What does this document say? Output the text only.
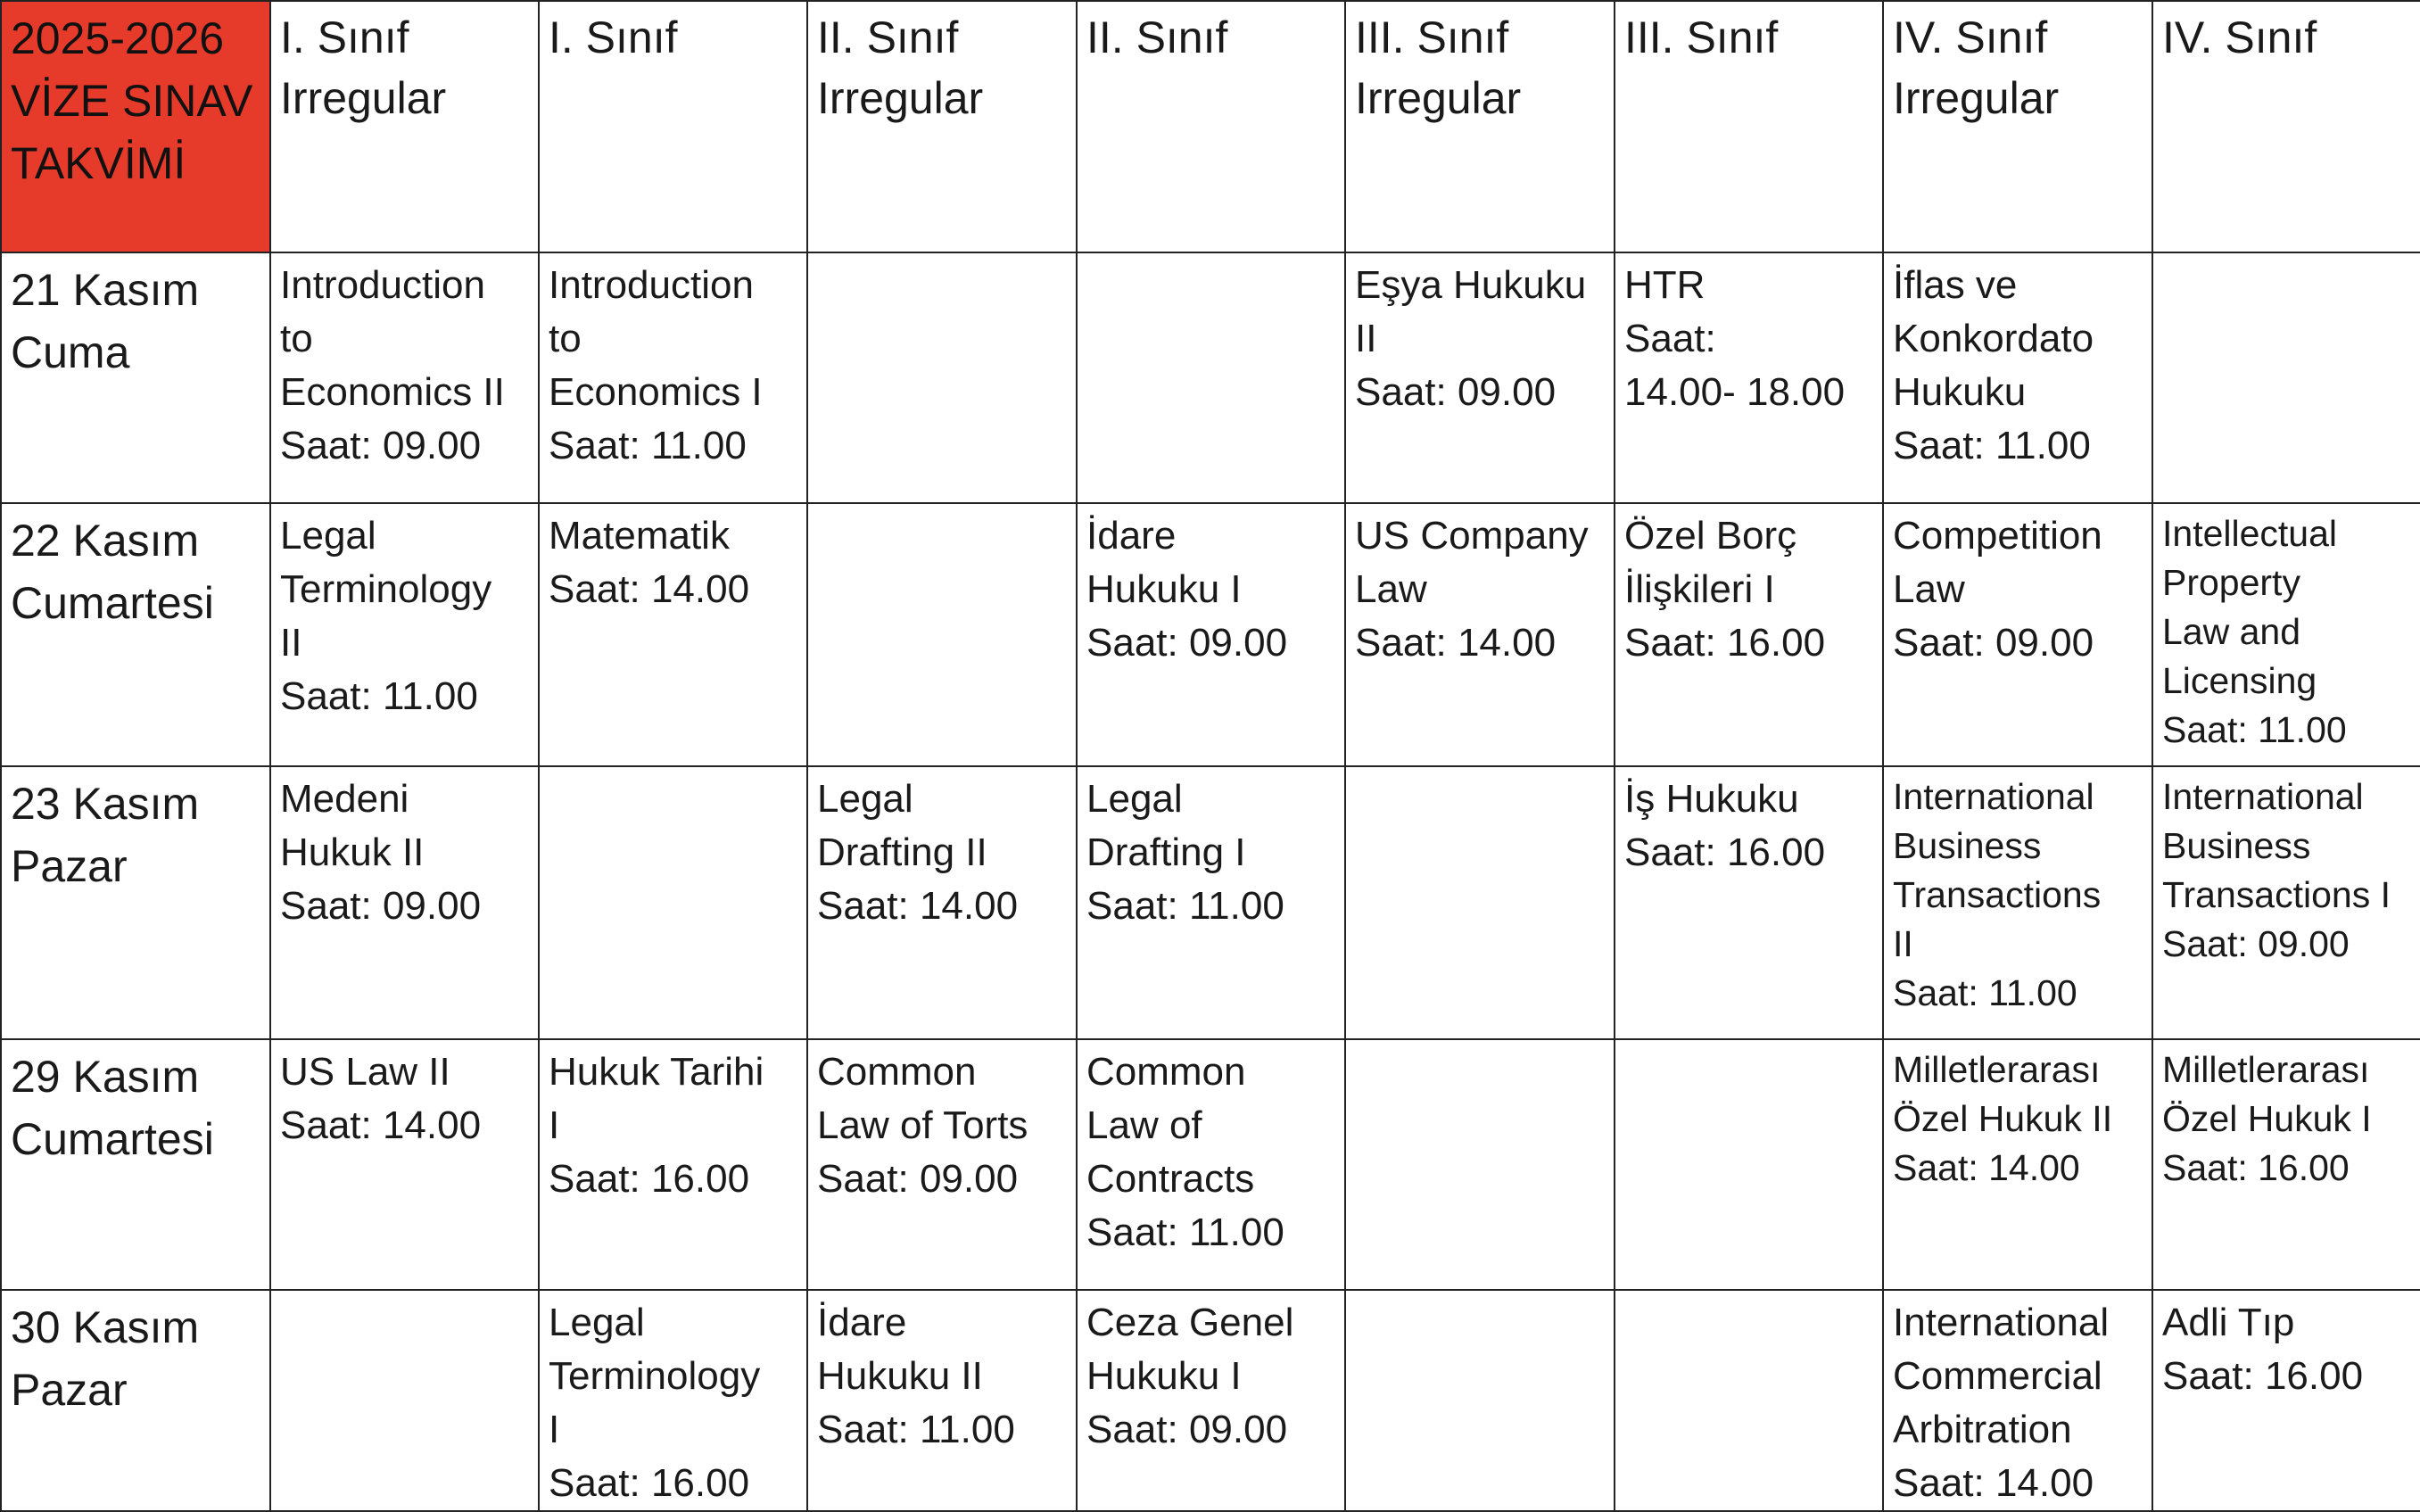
2025-2026
VİZE SINAV
TAKVİMİ	I. Sınıf
Irregular	I. Sınıf	II. Sınıf
Irregular	II. Sınıf	III. Sınıf
Irregular	III. Sınıf	IV. Sınıf
Irregular	IV. Sınıf

21 Kasım
Cuma	Introduction
to
Economics II
Saat: 09.00	Introduction
to
Economics I
Saat: 11.00			Eşya Hukuku
II
Saat: 09.00	HTR
Saat:
14.00- 18.00	İflas ve
Konkordato
Hukuku
Saat: 11.00	

22 Kasım
Cumartesi	Legal
Terminology
II
Saat: 11.00	Matematik
Saat: 14.00		İdare
Hukuku I
Saat: 09.00	US Company
Law
Saat: 14.00	Özel Borç
İlişkileri I
Saat: 16.00	Competition
Law
Saat: 09.00	Intellectual
Property
Law and
Licensing
Saat: 11.00

23 Kasım
Pazar	Medeni
Hukuk II
Saat: 09.00		Legal
Drafting II
Saat: 14.00	Legal
Drafting I
Saat: 11.00		İş Hukuku
Saat: 16.00	International
Business
Transactions
II
Saat: 11.00	International
Business
Transactions I
Saat: 09.00

29 Kasım
Cumartesi	US Law II
Saat: 14.00	Hukuk Tarihi
I
Saat: 16.00	Common
Law of Torts
Saat: 09.00	Common
Law of
Contracts
Saat: 11.00			Milletlerarası
Özel Hukuk II
Saat: 14.00	Milletlerarası
Özel Hukuk I
Saat: 16.00

30 Kasım
Pazar		Legal
Terminology
I
Saat: 16.00	İdare
Hukuku II
Saat: 11.00	Ceza Genel
Hukuku I
Saat: 09.00			International
Commercial
Arbitration
Saat: 14.00	Adli Tıp
Saat: 16.00
